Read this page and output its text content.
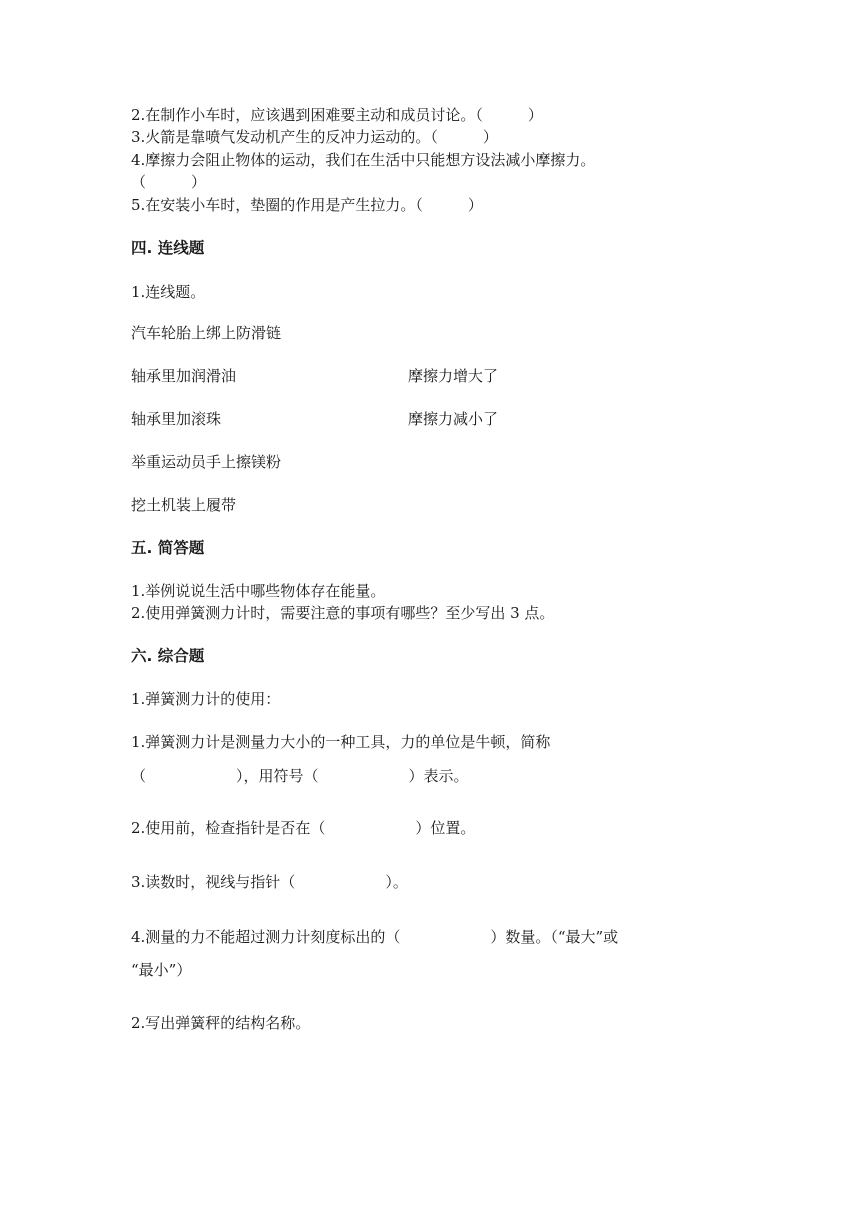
2.在制作小车时，应该遇到困难要主动和成员讨论。（　　　）
3.火箭是靠喷气发动机产生的反冲力运动的。（　　　）
4.摩擦力会阻止物体的运动，我们在生活中只能想方设法减小摩擦力。
（　　　）
5.在安装小车时，垫圈的作用是产生拉力。（　　　）
四. 连线题
1.连线题。
汽车轮胎上绑上防滑链
轴承里加润滑油
轴承里加滚珠
举重运动员手上擦镁粉
挖土机装上履带
摩擦力增大了
摩擦力减小了
五. 简答题
1.举例说说生活中哪些物体存在能量。
2.使用弹簧测力计时，需要注意的事项有哪些？至少写出 3 点。
六. 综合题
1.弹簧测力计的使用：
1.弹簧测力计是测量力大小的一种工具，力的单位是牛顿，简称
（　　　　　　），用符号（　　　　　　）表示。
2.使用前，检查指针是否在（　　　　　　）位置。
3.读数时，视线与指针（　　　　　　）。
4.测量的力不能超过测力计刻度标出的（　　　　　　）数量。（“最大”或
“最小”）
2.写出弹簧秤的结构名称。
